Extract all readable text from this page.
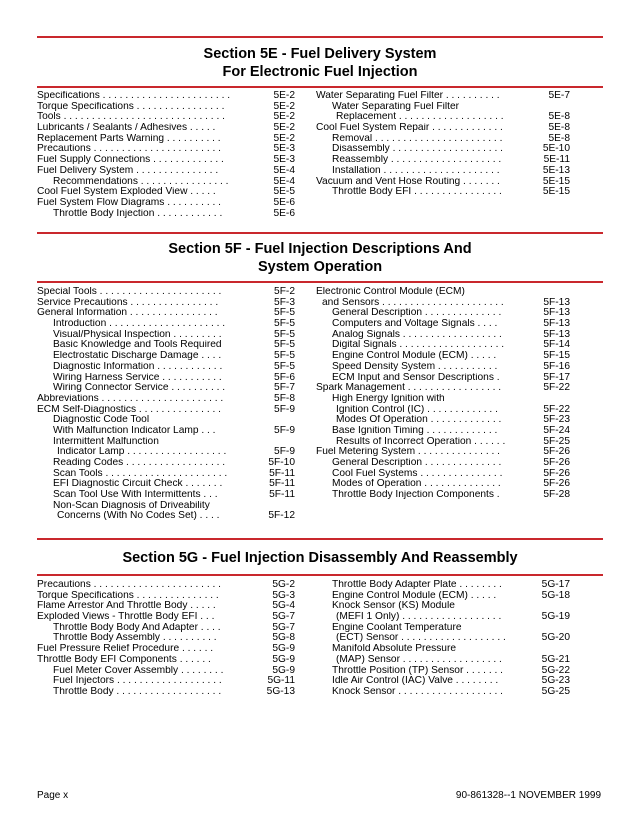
Section 5E - Fuel Delivery System
For Electronic Fuel Injection
Specifications . . . . . . . . . . . . . . . . . . . . . . .	5E-2
Torque Specifications . . . . . . . . . . . . . . . .	5E-2
Tools . . . . . . . . . . . . . . . . . . . . . . . . . . . . .	5E-2
Lubricants / Sealants / Adhesives . . . . .	5E-2
Replacement Parts Warning . . . . . . . . . .	5E-2
Precautions . . . . . . . . . . . . . . . . . . . . . . .	5E-3
Fuel Supply Connections . . . . . . . . . . . . .	5E-3
Fuel Delivery System . . . . . . . . . . . . . . .	5E-4
Recommendations . . . . . . . . . . . . . . . .	5E-4
Cool Fuel System Exploded View . . . . .	5E-5
Fuel System Flow Diagrams . . . . . . . . . .	5E-6
Throttle Body Injection . . . . . . . . . . . .	5E-6
Water Separating Fuel Filter . . . . . . . . . .	5E-7
Water Separating Fuel Filter
Replacement . . . . . . . . . . . . . . . . . . .	5E-8
Cool Fuel System Repair . . . . . . . . . . . . .	5E-8
Removal . . . . . . . . . . . . . . . . . . . . . . .	5E-8
Disassembly . . . . . . . . . . . . . . . . . . . .	5E-10
Reassembly . . . . . . . . . . . . . . . . . . . .	5E-11
Installation . . . . . . . . . . . . . . . . . . . . .	5E-13
Vacuum and Vent Hose Routing . . . . . . .	5E-15
Throttle Body EFI . . . . . . . . . . . . . . . .	5E-15
Section 5F - Fuel Injection Descriptions And
System Operation
Special Tools . . . . . . . . . . . . . . . . . . . . . .	5F-2
Service Precautions . . . . . . . . . . . . . . . .	5F-3
General Information . . . . . . . . . . . . . . . .	5F-5
Introduction . . . . . . . . . . . . . . . . . . . . .	5F-5
Visual/Physical Inspection . . . . . . . . .	5F-5
Basic Knowledge and Tools Required	5F-5
Electrostatic Discharge Damage . . . .	5F-5
Diagnostic Information . . . . . . . . . . . .	5F-5
Wiring Harness Service . . . . . . . . . . .	5F-6
Wiring Connector Service . . . . . . . . . .	5F-7
Abbreviations . . . . . . . . . . . . . . . . . . . . . .	5F-8
ECM Self-Diagnostics . . . . . . . . . . . . . . .	5F-9
Diagnostic Code Tool
With Malfunction Indicator Lamp . . .	5F-9
Intermittent Malfunction
Indicator Lamp . . . . . . . . . . . . . . . . . .	5F-9
Reading Codes . . . . . . . . . . . . . . . . . .	5F-10
Scan Tools . . . . . . . . . . . . . . . . . . . . . .	5F-11
EFI Diagnostic Circuit Check . . . . . . .	5F-11
Scan Tool Use With Intermittents . . .	5F-11
Non-Scan Diagnosis of Driveability
Concerns (With No Codes Set) . . . .	5F-12
Electronic Control Module (ECM)
and Sensors . . . . . . . . . . . . . . . . . . . . . .	5F-13
General Description . . . . . . . . . . . . . .	5F-13
Computers and Voltage Signals . . . .	5F-13
Analog Signals . . . . . . . . . . . . . . . . . .	5F-13
Digital Signals . . . . . . . . . . . . . . . . . . .	5F-14
Engine Control Module (ECM) . . . . .	5F-15
Speed Density System . . . . . . . . . . .	5F-16
ECM Input and Sensor Descriptions .	5F-17
Spark Management . . . . . . . . . . . . . . . . .	5F-22
High Energy Ignition with
Ignition Control (IC) . . . . . . . . . . . . .	5F-22
Modes Of Operation . . . . . . . . . . . . .	5F-23
Base Ignition Timing . . . . . . . . . . . . .	5F-24
Results of Incorrect Operation . . . . . .	5F-25
Fuel Metering System . . . . . . . . . . . . . . .	5F-26
General Description . . . . . . . . . . . . . .	5F-26
Cool Fuel Systems . . . . . . . . . . . . . . .	5F-26
Modes of Operation . . . . . . . . . . . . . .	5F-26
Throttle Body Injection Components .	5F-28
Section 5G - Fuel Injection Disassembly And Reassembly
Precautions . . . . . . . . . . . . . . . . . . . . . . .	5G-2
Torque Specifications . . . . . . . . . . . . . . .	5G-3
Flame Arrestor And Throttle Body . . . . .	5G-4
Exploded Views - Throttle Body EFI . . .	5G-7
Throttle Body Body And Adapter . . . .	5G-7
Throttle Body Assembly . . . . . . . . . .	5G-8
Fuel Pressure Relief Procedure . . . . . .	5G-9
Throttle Body EFI Components . . . . . .	5G-9
Fuel Meter Cover Assembly . . . . . . . .	5G-9
Fuel Injectors . . . . . . . . . . . . . . . . . . .	5G-11
Throttle Body . . . . . . . . . . . . . . . . . . .	5G-13
Throttle Body Adapter Plate . . . . . . . .	5G-17
Engine Control Module (ECM) . . . . .	5G-18
Knock Sensor (KS) Module
(MEFI 1 Only) . . . . . . . . . . . . . . . . . .	5G-19
Engine Coolant Temperature
(ECT) Sensor . . . . . . . . . . . . . . . . . . .	5G-20
Manifold Absolute Pressure
(MAP) Sensor . . . . . . . . . . . . . . . . . .	5G-21
Throttle Position (TP) Sensor . . . . . . .	5G-22
Idle Air Control (IAC) Valve . . . . . . . .	5G-23
Knock Sensor . . . . . . . . . . . . . . . . . . .	5G-25
Page x	90-861328--1 NOVEMBER 1999
